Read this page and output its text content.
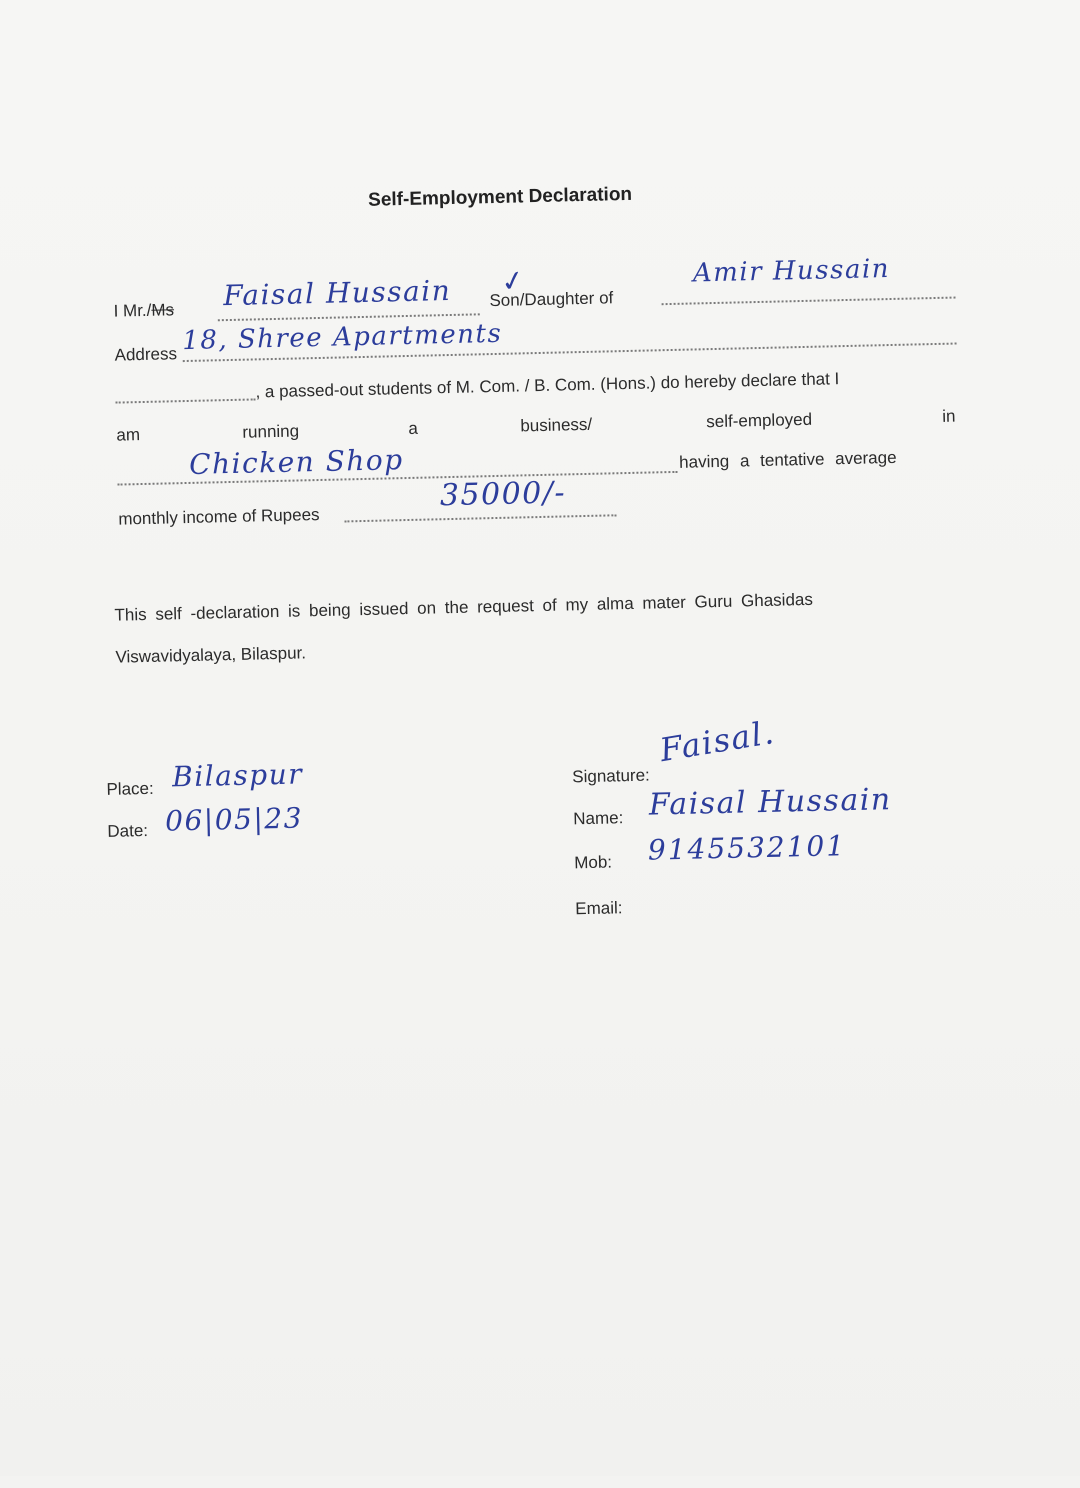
Self-Employment Declaration
I Mr./Ms Faisal Hussain ✓
Son/Daughter of
Amir Hussain
Address 18, Shree Apartments
, a passed-out students of M. Com. / B. Com. (Hons.) do hereby declare that I
am	running	a	business/	self-employed	in
Chicken Shop	having a tentative average
monthly income of Rupees
35000/-
This self -declaration is being issued on the request of my alma mater Guru Ghasidas
Viswavidyalaya, Bilaspur.
Place: Bilaspur
Date: 06|05|23
Signature:
Faisal.
Name: Faisal Hussain
Mob: 9145532101
Email:
